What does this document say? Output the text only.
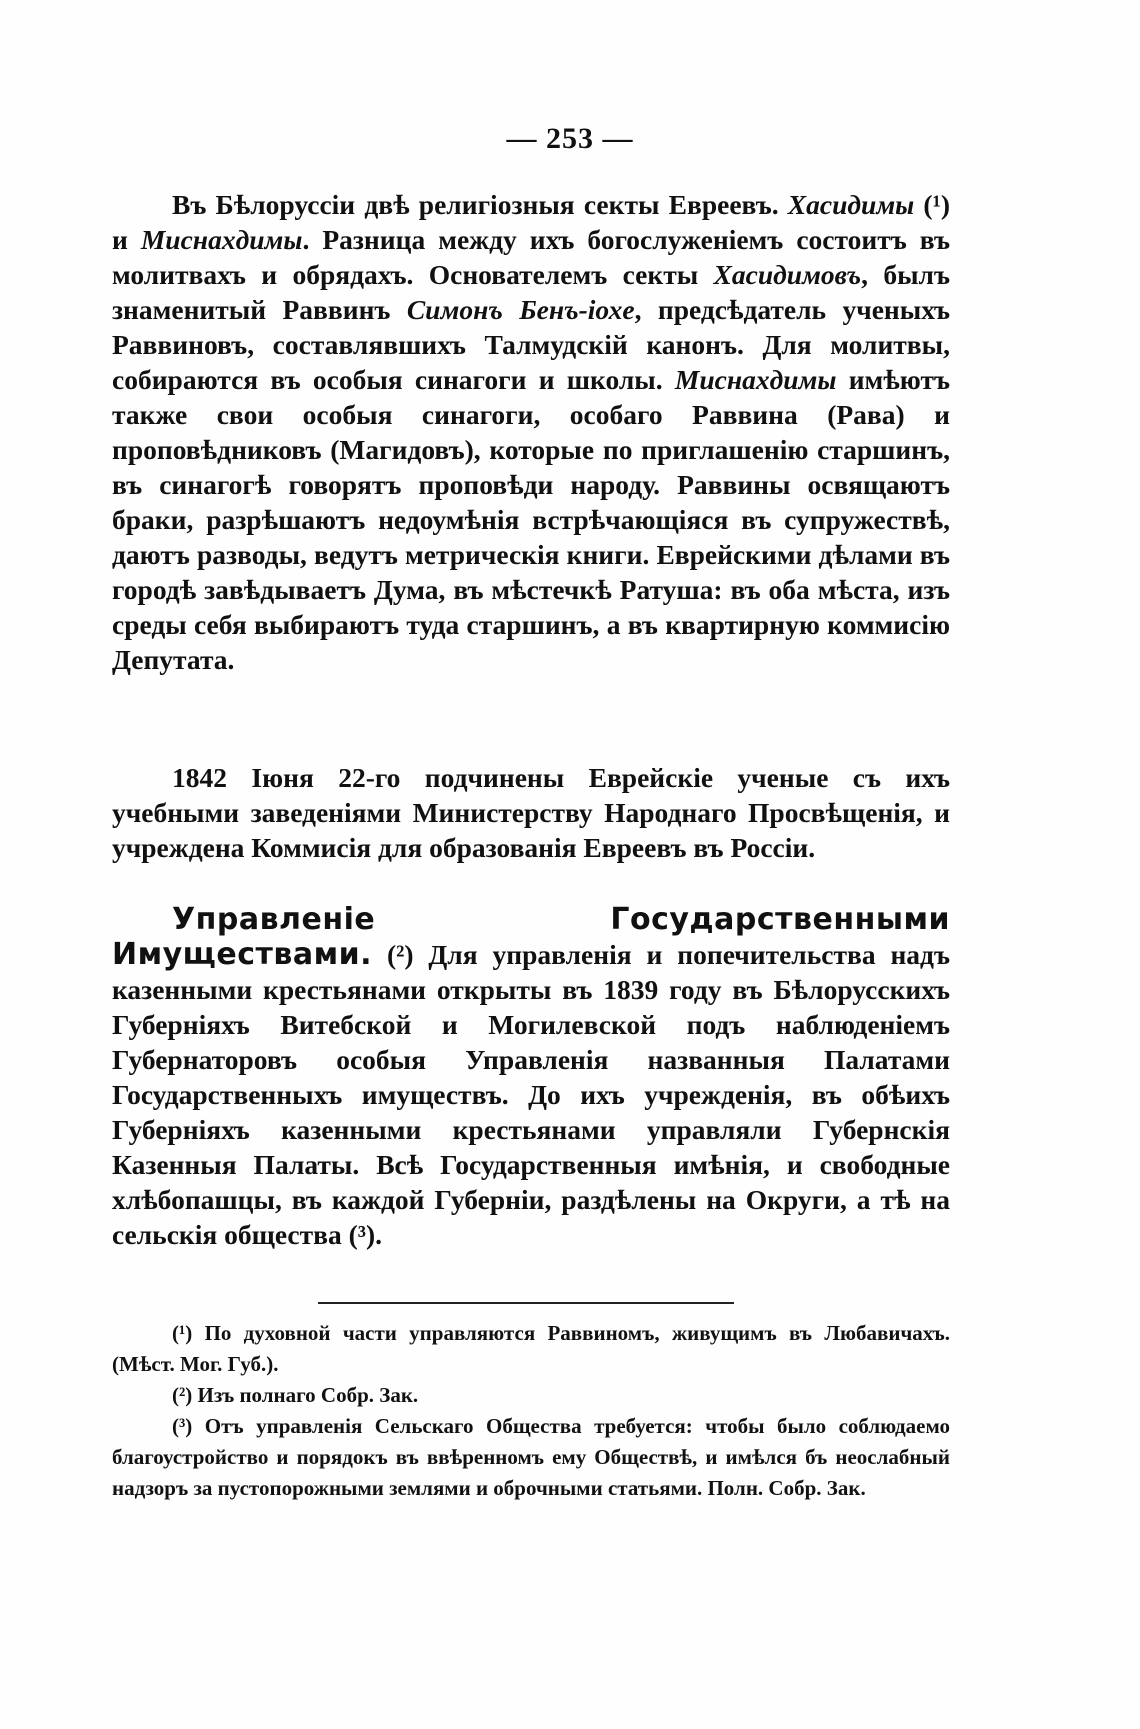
— 253 —

Въ Бѣлоруссіи двѣ религіозныя секты Евреевъ. Хасидимы (¹) и Миснахдимы. Разница между ихъ богослуженіемъ состоитъ въ молитвахъ и обрядахъ. Основателемъ секты Хасидимовъ, былъ знаменитый Раввинъ Симонъ Бенъ-іохе, предсѣдатель ученыхъ Раввиновъ, составлявшихъ Талмудскій канонъ. Для молитвы, собираются въ особыя синагоги и школы. Миснахдимы имѣютъ также свои особыя синагоги, особаго Раввина (Рава) и проповѣдниковъ (Магидовъ), которые по приглашенію старшинъ, въ синагогѣ говорятъ проповѣди народу. Раввины освящаютъ браки, разрѣшаютъ недоумѣнія встрѣчающіяся въ супружествѣ, даютъ разводы, ведутъ метрическія книги. Еврейскими дѣлами въ городѣ завѣдываетъ Дума, въ мѣстечкѣ Ратуша: въ оба мѣста, изъ среды себя выбираютъ туда старшинъ, а въ квартирную коммисію Депутата.

1842 Іюня 22-го подчинены Еврейскіе ученые съ ихъ учебными заведеніями Министерству Народнаго Просвѣщенія, и учреждена Коммисія для образованія Евреевъ въ Россіи.

Управленіе Государственными Имуществами. (²) Для управленія и попечительства надъ казенными крестьянами открыты въ 1839 году въ Бѣлорусскихъ Губерніяхъ Витебской и Могилевской подъ наблюденіемъ Губернаторовъ особыя Управленія названныя Палатами Государственныхъ имуществъ. До ихъ учрежденія, въ обѣихъ Губерніяхъ казенными крестьянами управляли Губернскія Казенныя Палаты. Всѣ Государственныя имѣнія, и свободные хлѣбопашцы, въ каждой Губерніи, раздѣлены на Округи, а тѣ на сельскія общества (³).

(¹) По духовной части управляются Раввиномъ, живущимъ въ Любавичахъ. (Мѣст. Мог. Губ.).

(²) Изъ полнаго Собр. Зак.

(³) Отъ управленія Сельскаго Общества требуется: чтобы было соблюдаемо благоустройство и порядокъ въ ввѣренномъ ему Обществѣ, и имѣлся бъ неослабный надзоръ за пустопорожными землями и оброчными статьями. Полн. Собр. Зак.
